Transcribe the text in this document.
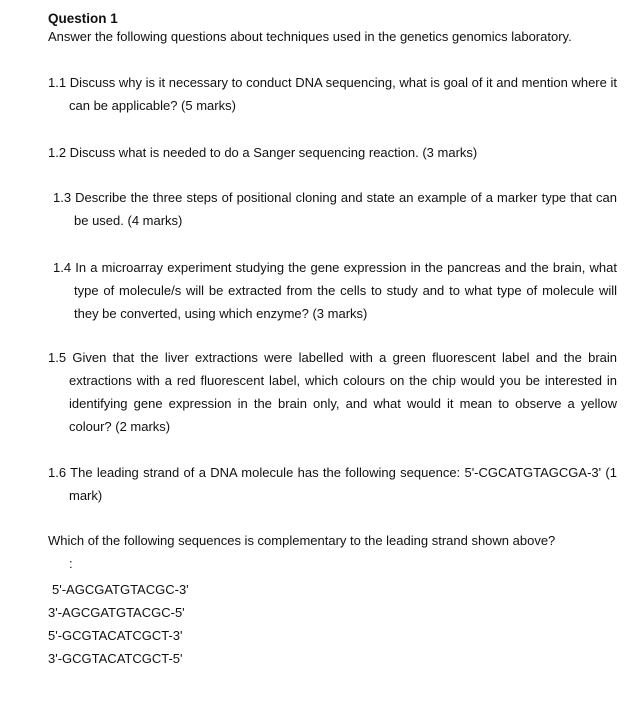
Question 1
Answer the following questions about techniques used in the genetics genomics laboratory.
1.1 Discuss why is it necessary to conduct DNA sequencing, what is goal of it and mention where it can be applicable? (5 marks)
1.2 Discuss what is needed to do a Sanger sequencing reaction. (3 marks)
1.3 Describe the three steps of positional cloning and state an example of a marker type that can be used. (4 marks)
1.4 In a microarray experiment studying the gene expression in the pancreas and the brain, what type of molecule/s will be extracted from the cells to study and to what type of molecule will they be converted, using which enzyme? (3 marks)
1.5 Given that the liver extractions were labelled with a green fluorescent label and the brain extractions with a red fluorescent label, which colours on the chip would you be interested in identifying gene expression in the brain only, and what would it mean to observe a yellow colour? (2 marks)
1.6 The leading strand of a DNA molecule has the following sequence: 5'-CGCATGTAGCGA-3' (1 mark)
Which of the following sequences is complementary to the leading strand shown above?
:
5'-AGCGATGTACGC-3'
3'-AGCGATGTACGC-5'
5'-GCGTACATCGCT-3'
3'-GCGTACATCGCT-5'
